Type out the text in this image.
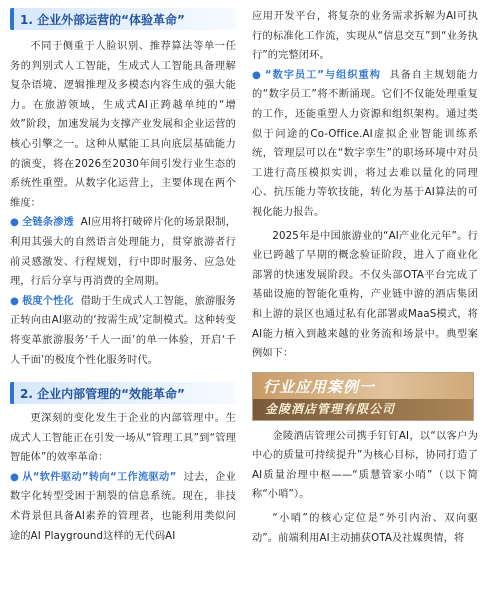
1. 企业外部运营的“体验革命”

不同于侧重于人脸识别、推荐算法等单一任务的判别式人工智能，生成式人工智能具备理解复杂语境、逻辑推理及多模态内容生成的强大能力。在旅游领域，生成式AI正跨越单纯的“增效”阶段，加速发展为支撑产业发展和企业运营的核心引擎之一。这种从赋能工具向底层基础能力的演变，将在2026至2030年间引发行业生态的系统性重塑。从数字化运营上，主要体现在两个维度：

● 全链条渗透 AI应用将打破碎片化的场景限制，利用其强大的自然语言处理能力，贯穿旅游者行前灵感激发、行程规划，行中即时服务、应急处理，行后分享与再消费的全周期。

● 极度个性化 借助于生成式人工智能，旅游服务正转向由AI驱动的‘按需生成’定制模式。这种转变将变革旅游服务‘千人一面’的单一体验，开启‘千人千面’的极度个性化服务时代。

2. 企业内部管理的“效能革命”

更深刻的变化发生于企业的内部管理中。生成式人工智能正在引发一场从“管理工具”到“管理智能体”的效率革命：

● 从“软件驱动”转向“工作流驱动” 过去，企业数字化转型受困于割裂的信息系统。现在，非技术背景但具备AI素养的管理者，也能利用类似问途的AI Playground这样的无代码AI

应用开发平台，将复杂的业务需求拆解为AI可执行的标准化工作流，实现从“信息交互”到“业务执行”的完整闭环。

● “数字员工”与组织重构 具备自主规划能力的“数字员工”将不断涌现。它们不仅能处理重复的工作，还能重塑人力资源和组织架构。通过类似于问途的Co-Office.AI虚拟企业智能训练系统，管理层可以在“数字孪生”的职场环境中对员工进行高压模拟实训，将过去难以量化的同理心、抗压能力等软技能，转化为基于AI算法的可视化能力报告。

2025年是中国旅游业的“AI产业化元年”。行业已跨越了早期的概念验证阶段，进入了商业化部署的快速发展阶段。不仅头部OTA平台完成了基础设施的智能化重构，产业链中游的酒店集团和上游的景区也通过私有化部署或MaaS模式，将AI能力植入到越来越的业务流和场景中。典型案例如下：

行业应用案例一
金陵酒店管理有限公司

金陵酒店管理公司携手钉钉AI，以“以客户为中心的质量可持续提升”为核心目标，协同打造了AI质量治理中枢——“质慧管家小哨”（以下简称“小哨”）。

“小哨”的核心定位是“外引内治、双向驱动”。前端利用AI主动捕获OTA及社媒舆情，将
